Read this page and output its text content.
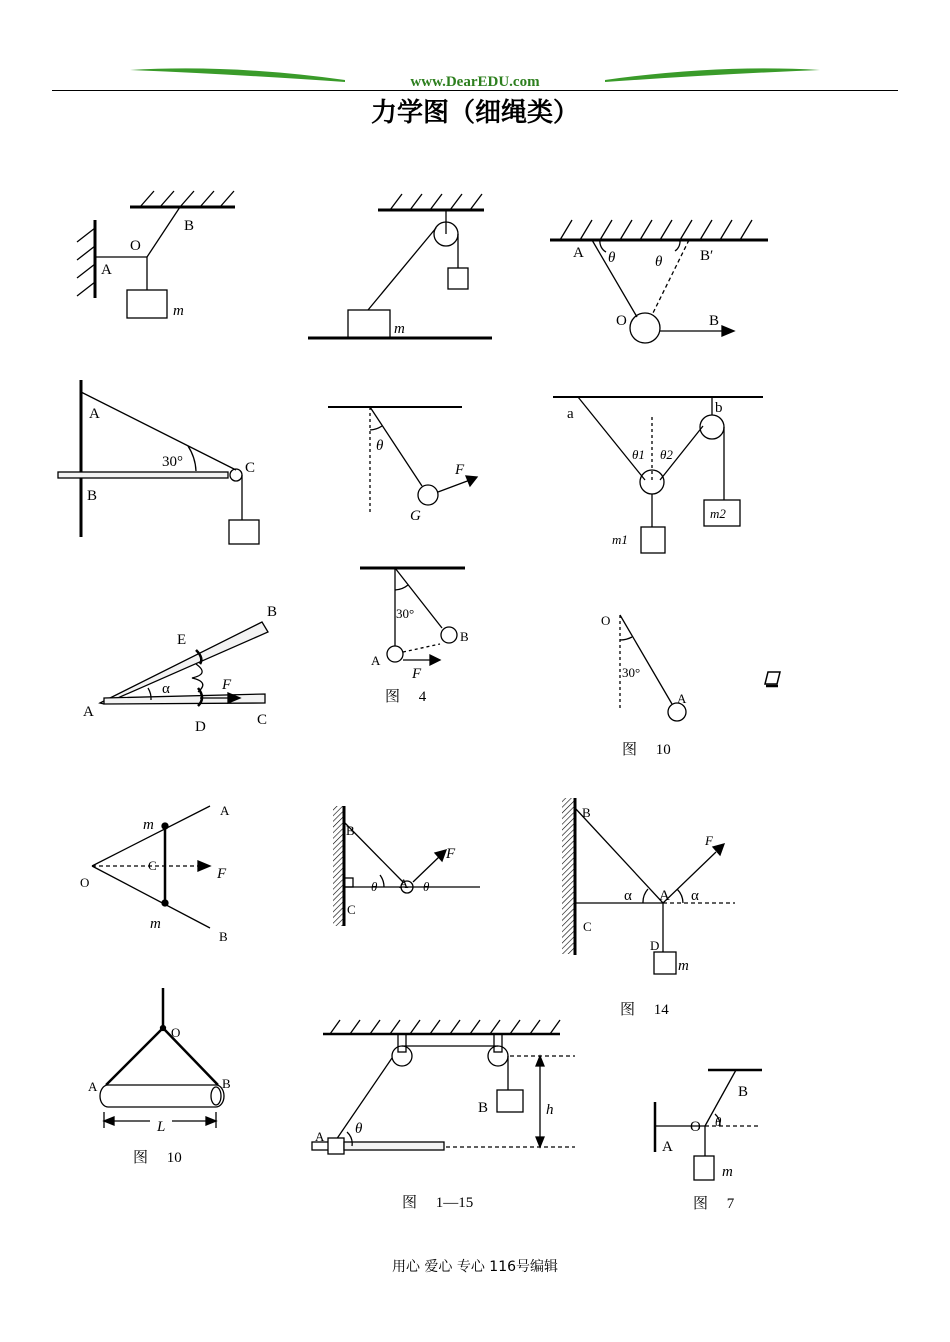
www.DearEDU.com
力学图（细绳类）
B
O
A
m
m
A θ	θ	B′
O	B
A
30°	C
B
θ
F
G
a	b
θ1 θ2
m2
m1
B
E
α	F
A
D	C
30°
B
A
F
图　 4
O
30°
A
图　 10
m
A
C
F
O
m
B
B
F
θ A θ
C
B
F
α A α
C
D
m
图　 14
O
A	B
L
图　 10
θ
B	h
A
图　 1—15
B
O θ
A
m
图　 7
用心 爱心 专心 116号编辑
